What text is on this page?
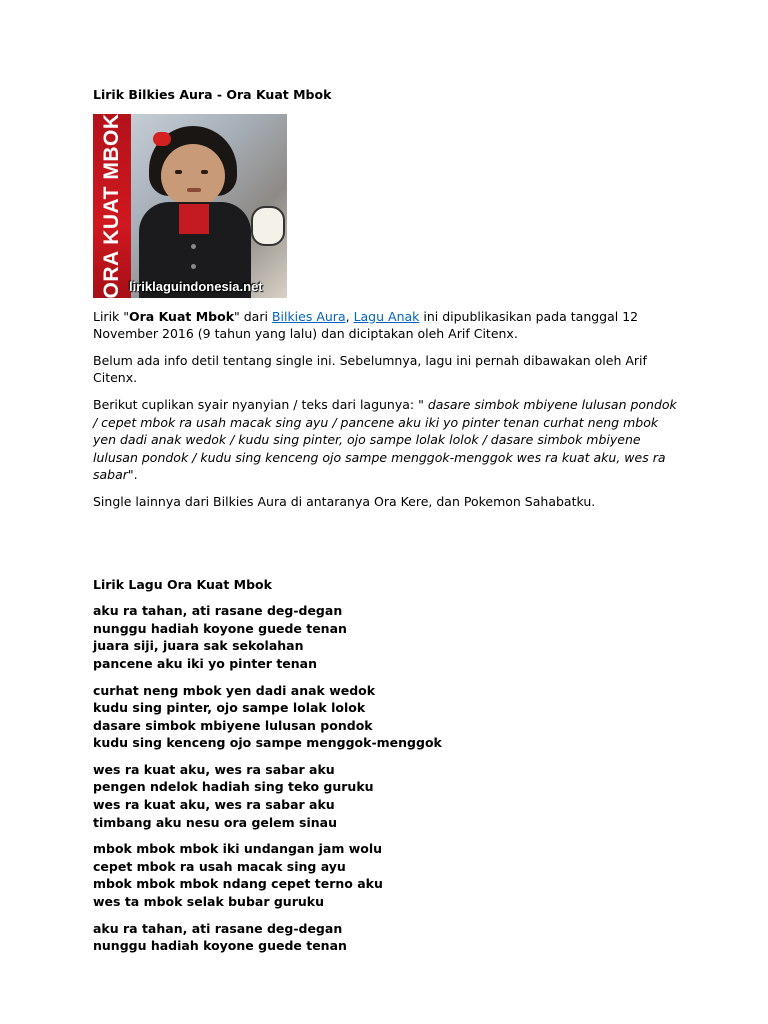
Lirik Bilkies Aura - Ora Kuat Mbok

ORA KUAT MBOK liriklaguindonesia.net

Lirik "Ora Kuat Mbok" dari Bilkies Aura, Lagu Anak ini dipublikasikan pada tanggal 12 November 2016 (9 tahun yang lalu) dan diciptakan oleh Arif Citenx.

Belum ada info detil tentang single ini. Sebelumnya, lagu ini pernah dibawakan oleh Arif Citenx.

Berikut cuplikan syair nyanyian / teks dari lagunya: " dasare simbok mbiyene lulusan pondok / cepet mbok ra usah macak sing ayu / pancene aku iki yo pinter tenan curhat neng mbok yen dadi anak wedok / kudu sing pinter, ojo sampe lolak lolok / dasare simbok mbiyene lulusan pondok / kudu sing kenceng ojo sampe menggok-menggok wes ra kuat aku, wes ra sabar".

Single lainnya dari Bilkies Aura di antaranya Ora Kere, dan Pokemon Sahabatku.

Lirik Lagu Ora Kuat Mbok

aku ra tahan, ati rasane deg-degan
nunggu hadiah koyone guede tenan
juara siji, juara sak sekolahan
pancene aku iki yo pinter tenan
curhat neng mbok yen dadi anak wedok
kudu sing pinter, ojo sampe lolak lolok
dasare simbok mbiyene lulusan pondok
kudu sing kenceng ojo sampe menggok-menggok
wes ra kuat aku, wes ra sabar aku
pengen ndelok hadiah sing teko guruku
wes ra kuat aku, wes ra sabar aku
timbang aku nesu ora gelem sinau
mbok mbok mbok iki undangan jam wolu
cepet mbok ra usah macak sing ayu
mbok mbok mbok ndang cepet terno aku
wes ta mbok selak bubar guruku
aku ra tahan, ati rasane deg-degan
nunggu hadiah koyone guede tenan
